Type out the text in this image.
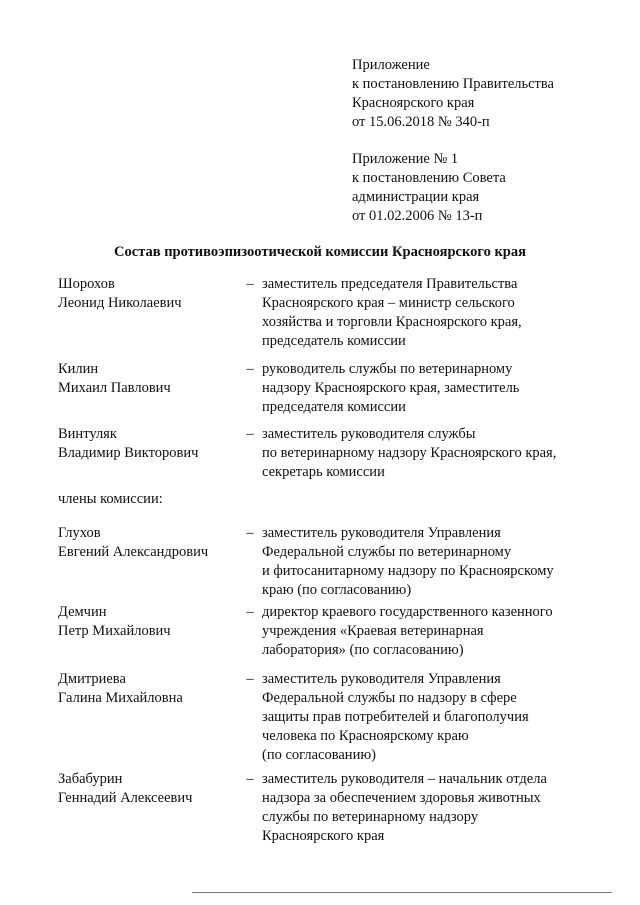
Приложение
к постановлению Правительства
Красноярского края
от 15.06.2018 № 340-п
Приложение № 1
к постановлению Совета
администрации края
от 01.02.2006 № 13-п
Состав противоэпизоотической комиссии Красноярского края
Шорохов
Леонид Николаевич
– заместитель председателя Правительства
Красноярского края – министр сельского
хозяйства и торговли Красноярского края,
председатель комиссии
Килин
Михаил Павлович
– руководитель службы по ветеринарному
надзору Красноярского края, заместитель
председателя комиссии
Винтуляк
Владимир Викторович
– заместитель руководителя службы
по ветеринарному надзору Красноярского края,
секретарь комиссии
члены комиссии:
Глухов
Евгений Александрович
– заместитель руководителя Управления
Федеральной службы по ветеринарному
и фитосанитарному надзору по Красноярскому
краю (по согласованию)
Демчин
Петр Михайлович
– директор краевого государственного казенного
учреждения «Краевая ветеринарная
лаборатория» (по согласованию)
Дмитриева
Галина Михайловна
– заместитель руководителя Управления
Федеральной службы по надзору в сфере
защиты прав потребителей и благополучия
человека по Красноярскому краю
(по согласованию)
Забабурин
Геннадий Алексеевич
– заместитель руководителя – начальник отдела
надзора за обеспечением здоровья животных
службы по ветеринарному надзору
Красноярского края
